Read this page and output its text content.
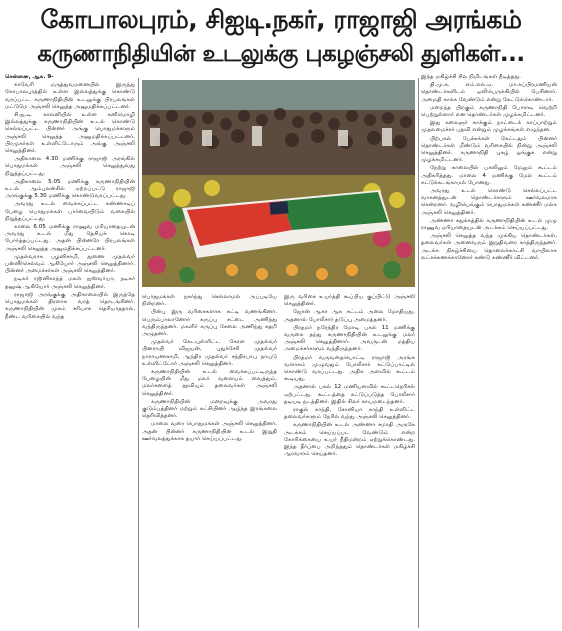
கோபாலபுரம், சிஐடி.நகர், ராஜாஜி அரங்கம்
கருணாநிதியின் உடலுக்கு புகழஞ்சலி துளிகள்...

சென்னை, ஆக. 9-

காவேரி மருத்துவமனையில் இருந்து கோபாலபுரத்தில் உள்ள இல்லத்துக்கு கொண்டு வரப்பட்ட கருணாநிதியின் உடலுக்கு பிரபலங்கள் மட்டுமே அஞ்சலி செலுத்த அனுமதிக்கப்பட்டனர்.

சி.ஐ.டி. காலனியில் உள்ள கனிமொழி இல்லத்துக்கு கருணாநிதியின் உடல் கொண்டு செல்லப்பட்ட பின்னர் அங்கு பொதுமக்களும் அஞ்சலி செலுத்த அனுமதிக்கப்பட்டனர். பிரமுகர்கள் உள்ளிட்டோரும் அங்கு அஞ்சலி செலுத்தினர்.

அதிகாலை 4.30 மணிக்கு ராஜாஜி அரங்கில் பொதுமக்கள் அஞ்சலி செலுத்துவது நிறுத்தப்பட்டது.

அதிகாலை 5.05 மணிக்கு கருணாநிதியின் உடல் ஆம்புலன்சில் ஏற்றப்பட்டு ராஜாஜி அரங்குக்கு 5.30 மணிக்கு கொண்டுவரப்பட்டது.

அவரது உடல் வைக்கப்பட்ட கண்ணாடிப் பேழை பொதுமக்கள் பார்வையிடும் வகையில் நிறுத்தப்பட்டது.

காலை 6.05 மணிக்கு ராணுவ மரியாதையுடன் அவரது உடல் மீது தேசியக் கொடி போர்த்தப்பட்டது. அதன் பின்னரே பிரபலங்கள் அஞ்சலி செலுத்த அனுமதிக்கப்பட்டனர்.

முதல்வராக பழனிசாமி, துணை முதல்வர் பன்னீர்செல்வம் ஆகியோர் அஞ்சலி செலுத்தினார். பின்னர் அமைச்சர்கள் அஞ்சலி செலுத்தினர்.

நடிகர் ரஜினிகாந்த் மகள் ஐஸ்வர்யா, நடிகர் தனுஷ் ஆகியோர் அஞ்சலி செலுத்தினர்.

ராஜாஜி அரங்குக்கு அதிகாலையில் இருந்தே பொதுமக்கள் திரளாக வரத் தொடங்கினர். கருணாநிதியின் முகம் சரியாக தெரியாததால், நீண்ட வரிசையில் வந்த

பொதுமக்கள் நகர்ந்து செல்லாமல் அப்படியே நின்றனர்.

பின்பு இரு வரிசைகளாக கட்டி வணங்கினர். பெரும்பாலானோர் கருப்பு சட்டை அணிந்து வந்திருந்தனர். மகளிர் கருப்பு சேலை அணிந்து கதறி அழுதனர்.

முதல்வர் கேடயுள்ளிட்ட கேரள முதல்வர் பினராயி விஜயன், புதுச்சேரி முதல்வர் நாராயணசாமி, ஆந்திர முதல்வர் சந்திரபாபு நாயுடு உள்ளிட்டோர் அஞ்சலி செலுத்தினர்.

கருணாநிதியின் உடல் வைக்கப்பட்டிருந்த பேழையின் மீது மலர் வளையம் வைத்தும், மலர்களைத் தூவியும் தலைவர்கள் அஞ்சலி செலுத்தினர்.

கருணாநிதியின் மறைவுக்கு அவரது குடும்பத்தினர் மற்றும் கட்சியினர் ஆழ்ந்த இரங்கலை தெரிவித்தனர்.

மாலை வரை பொதுமக்கள் அஞ்சலி செலுத்தினர். அதன் பின்னர் கருணாநிதியின் உடல் இறுதி ஊர்வலத்துக்காக தயார் செய்யப்பட்டது.

இரு வரிசை உயர்த்தி கூப்பிய குப்பிட்டு அஞ்சலி செலுத்தினர்.

ஜோன் ஆகா ஆசு சுட்டம் அலை மோதியது. அதனால் போலீசார் தடுப்பு அமைத்தனர்.

பிரதமர் நரேந்திர மோடி பகல் 11 மணிக்கு வருகை தந்து கருணாநிதியின் உடலுக்கு மலர் அஞ்சலி செலுத்தினார். அவருடன் மத்திய அமைச்சர்களும் வந்திருந்தனர்.

பிரதமர் வருவதையொட்டி ராஜாஜி அரங்க வளாகம் முழுவதும் போலீசார் கட்டுப்பாட்டில் கொண்டு வரப்பட்டது. அதிக அளவில் கூட்டம் கூடியது.

அதனால் பகல் 12 மணியளவில் கூட்டநெரிசல் ஏற்பட்டது. கூட்டத்தை கட்டுப்படுத்த போலீசார் தடியடி நடத்தினர். இதில் சிலர் காயமடைந்தனர்.

ராகுல் காந்தி, சோனியா காந்தி உள்ளிட்ட தலைவர்களும் நேரில் வந்து அஞ்சலி செலுத்தினர்.

கருணாநிதியின் உடல் அண்ணா சமாதி அருகே அடக்கம் செய்யப்பட வேண்டும் என்ற கோரிக்கையை உயர் நீதிமன்றம் ஏற்றுக்கொண்டது. இந்த தீர்ப்பை அறிந்ததும் தொண்டர்கள் மகிழ்ச்சி ஆரவாரம் செய்தனர்.

இந்த மகிழ்ச்சி சில நிமிடங்கள் நீடித்தது.

தி.மு.க. எம்.எல்.ஏ. மா.சுப்பிரமணியன் தொண்டர்களிடம் ஒலிபெருக்கியில் பேசினார். அமைதி காக்க வேண்டும் என்று கேட்டுக்கொண்டார்.

மறைந்த பிறகும் கருணாநிதி போராடி வெற்றி பெற்றுள்ளார் என தொண்டர்கள் முழக்கமிட்டனர்.

இது கலைஞர் காக்கும் நாட்டைக் காப்பாற்றும் முதலமைச்சர் பதவி என்றும் முழக்கங்கள் எழுந்தன.

பிற்பகல் பேச்சுக்கள் கேட்டதும் பின்னர் தொண்டர்கள் மீண்டும் வரிசையில் நின்று அஞ்சலி செலுத்தினர். கருணாநிதி புகழ் ஓங்குக என்று முழக்கமிட்டனர்.

நேற்று காலையில் பகலிலும் மேலும் கூட்டம் அதிகரித்தது. மாலை 4 மணிக்கு மேல் கூட்டம் கட்டுக்கடங்காமல் போனது.

அவரது உடல் கொண்டு செல்லப்பட்ட வாகனத்துடன் தொண்டர்களும் ஊர்வலமாக சென்றனர். வழியெங்கும் பொதுமக்கள் கண்ணீர் மல்க அஞ்சலி செலுத்தினர்.

அண்ணா சதுக்கத்தில் கருணாநிதியின் உடல் முழு ராணுவ மரியாதையுடன் அடக்கம் செய்யப்பட்டது.

அஞ்சலி செலுத்த வந்த முக்கிய தொண்டர்கள், தலைவர்கள் அனைவரும் இறுதிவரை காத்திருந்தனர். அடக்க நிகழ்ச்சியை தொலைக்காட்சி வாயிலாக லட்சக்கணக்கானோர் கண்டு கண்ணீர் விட்டனர்.
